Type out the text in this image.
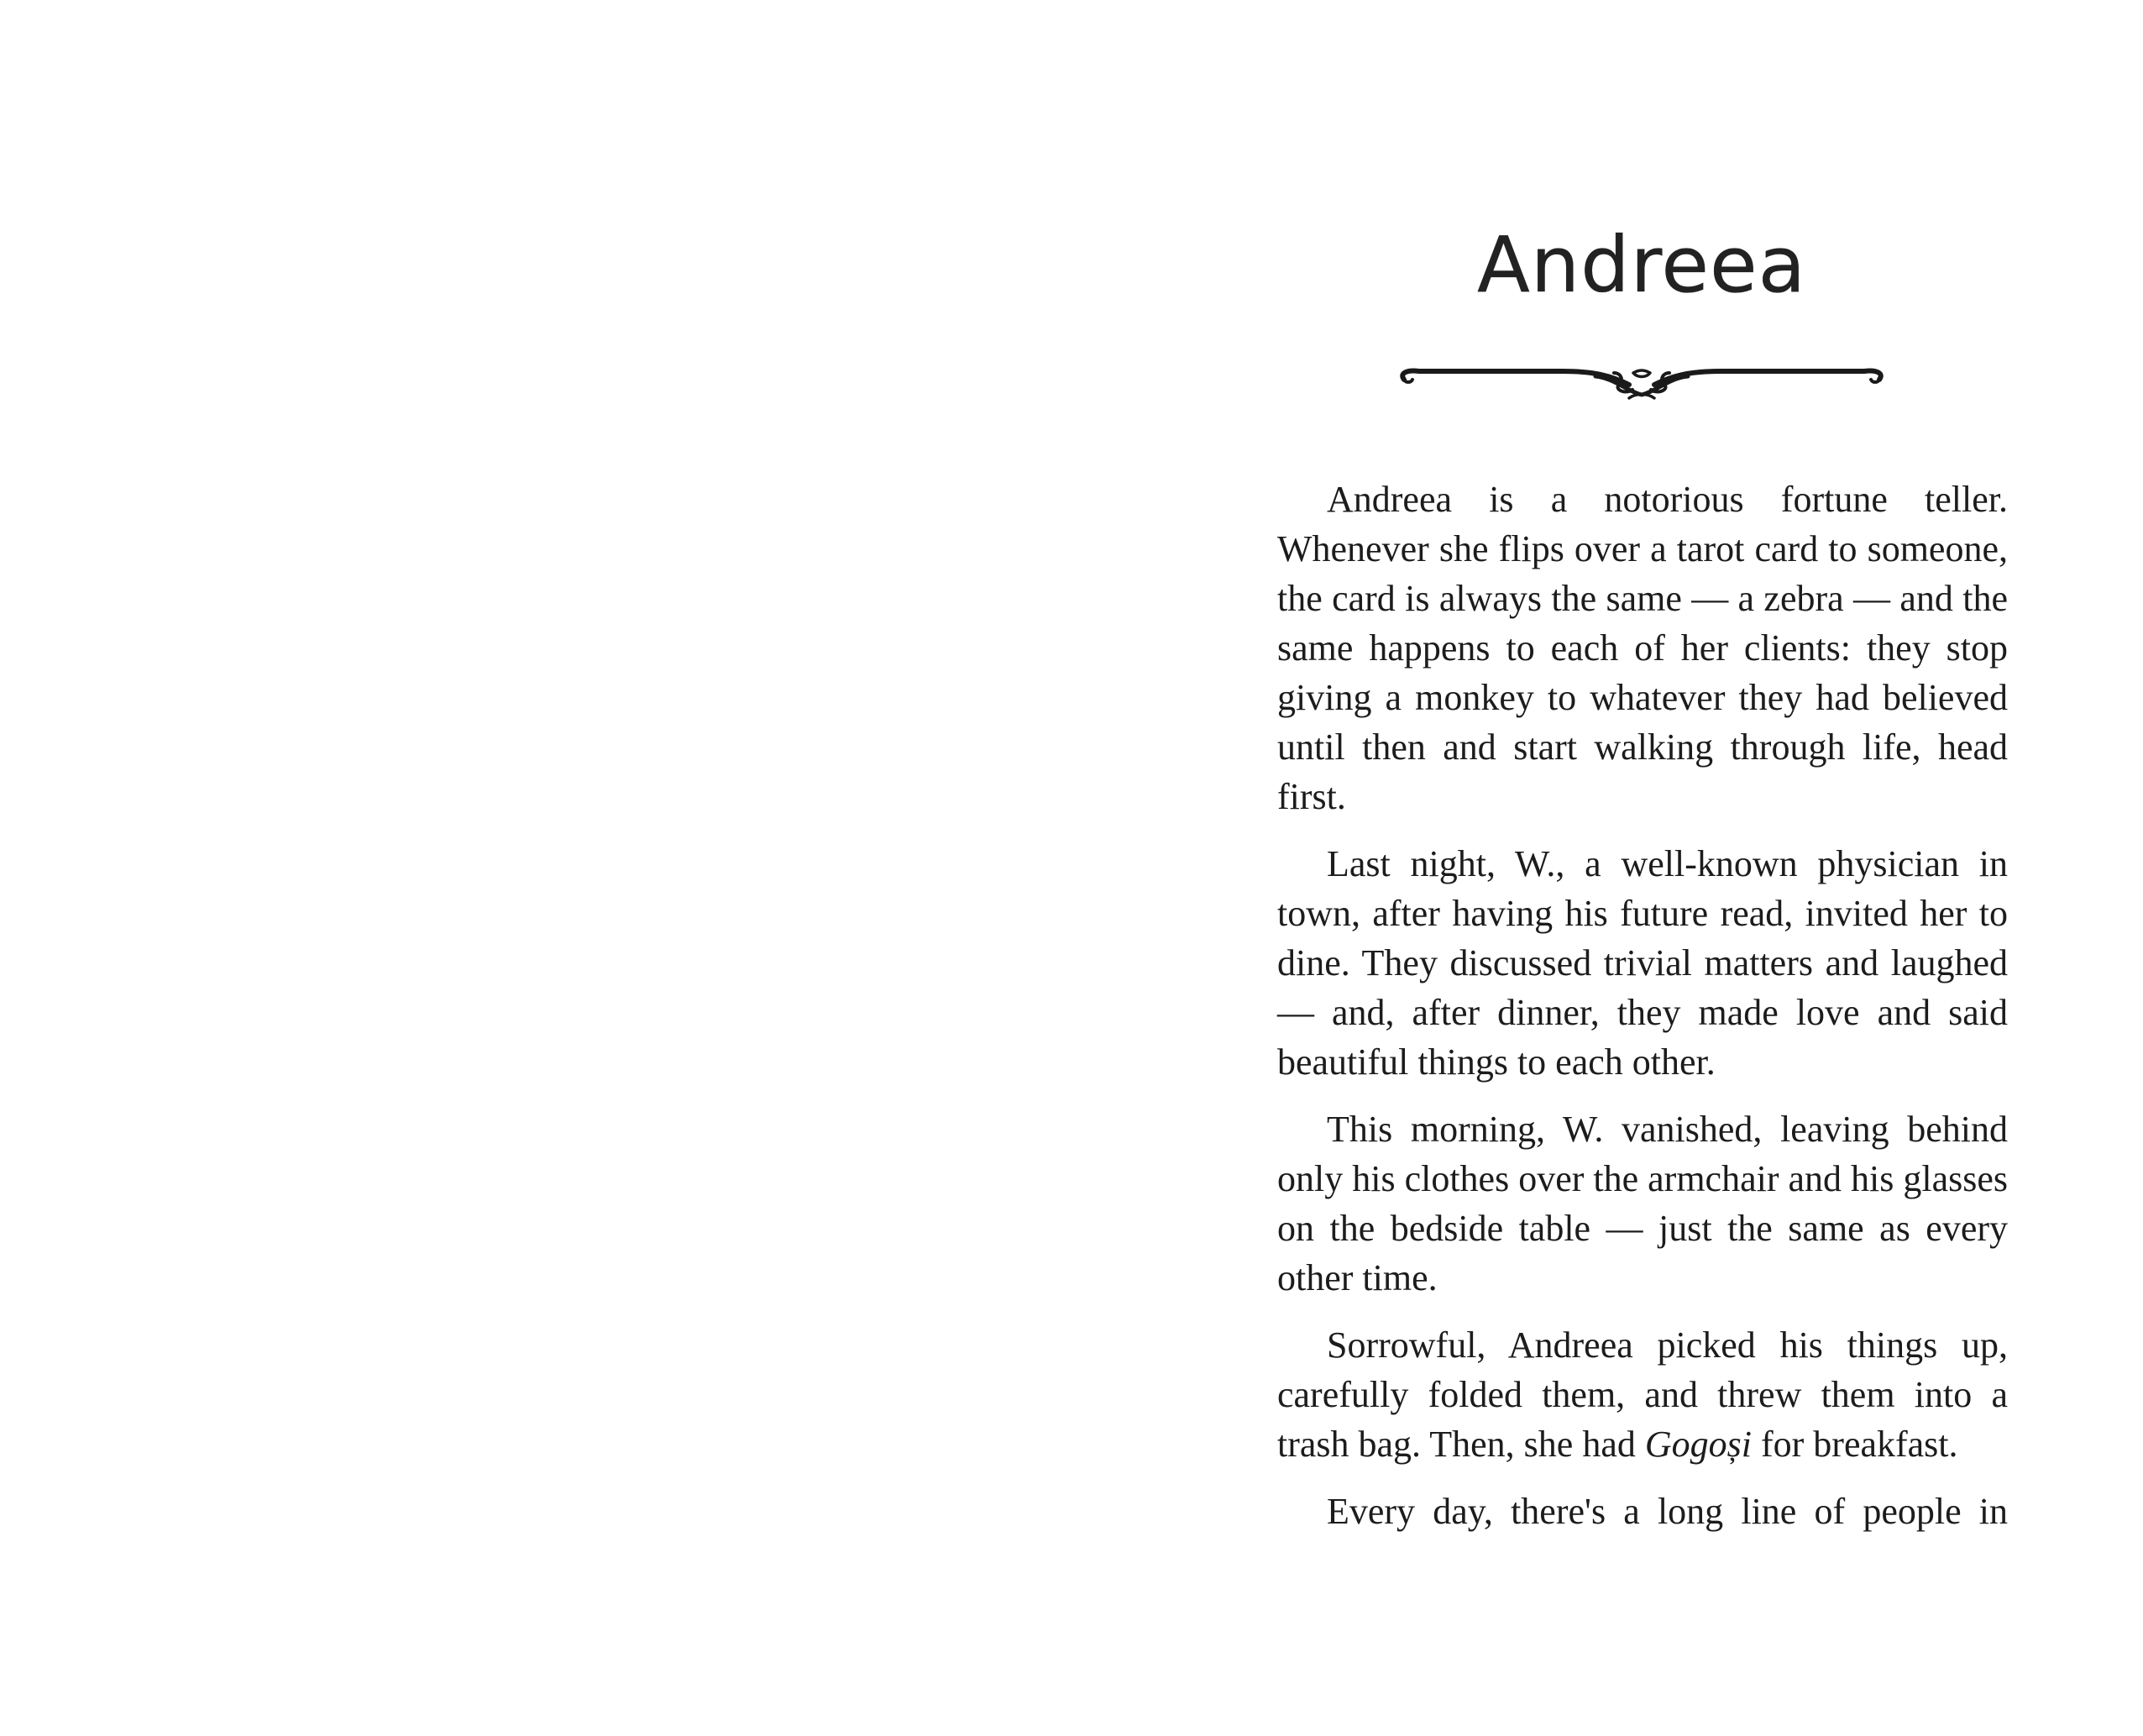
Andreea

Andreea is a notorious fortune teller. Whenever she flips over a tarot card to someone, the card is always the same — a zebra — and the same happens to each of her clients: they stop giving a monkey to whatever they had believed until then and start walking through life, head first.

Last night, W., a well-known physician in town, after having his future read, invited her to dine. They discussed trivial matters and laughed — and, after dinner, they made love and said beautiful things to each other.

This morning, W. vanished, leaving behind only his clothes over the armchair and his glasses on the bedside table — just the same as every other time.

Sorrowful, Andreea picked his things up, carefully folded them, and threw them into a trash bag. Then, she had Gogoși for breakfast.

Every day, there's a long line of people in
